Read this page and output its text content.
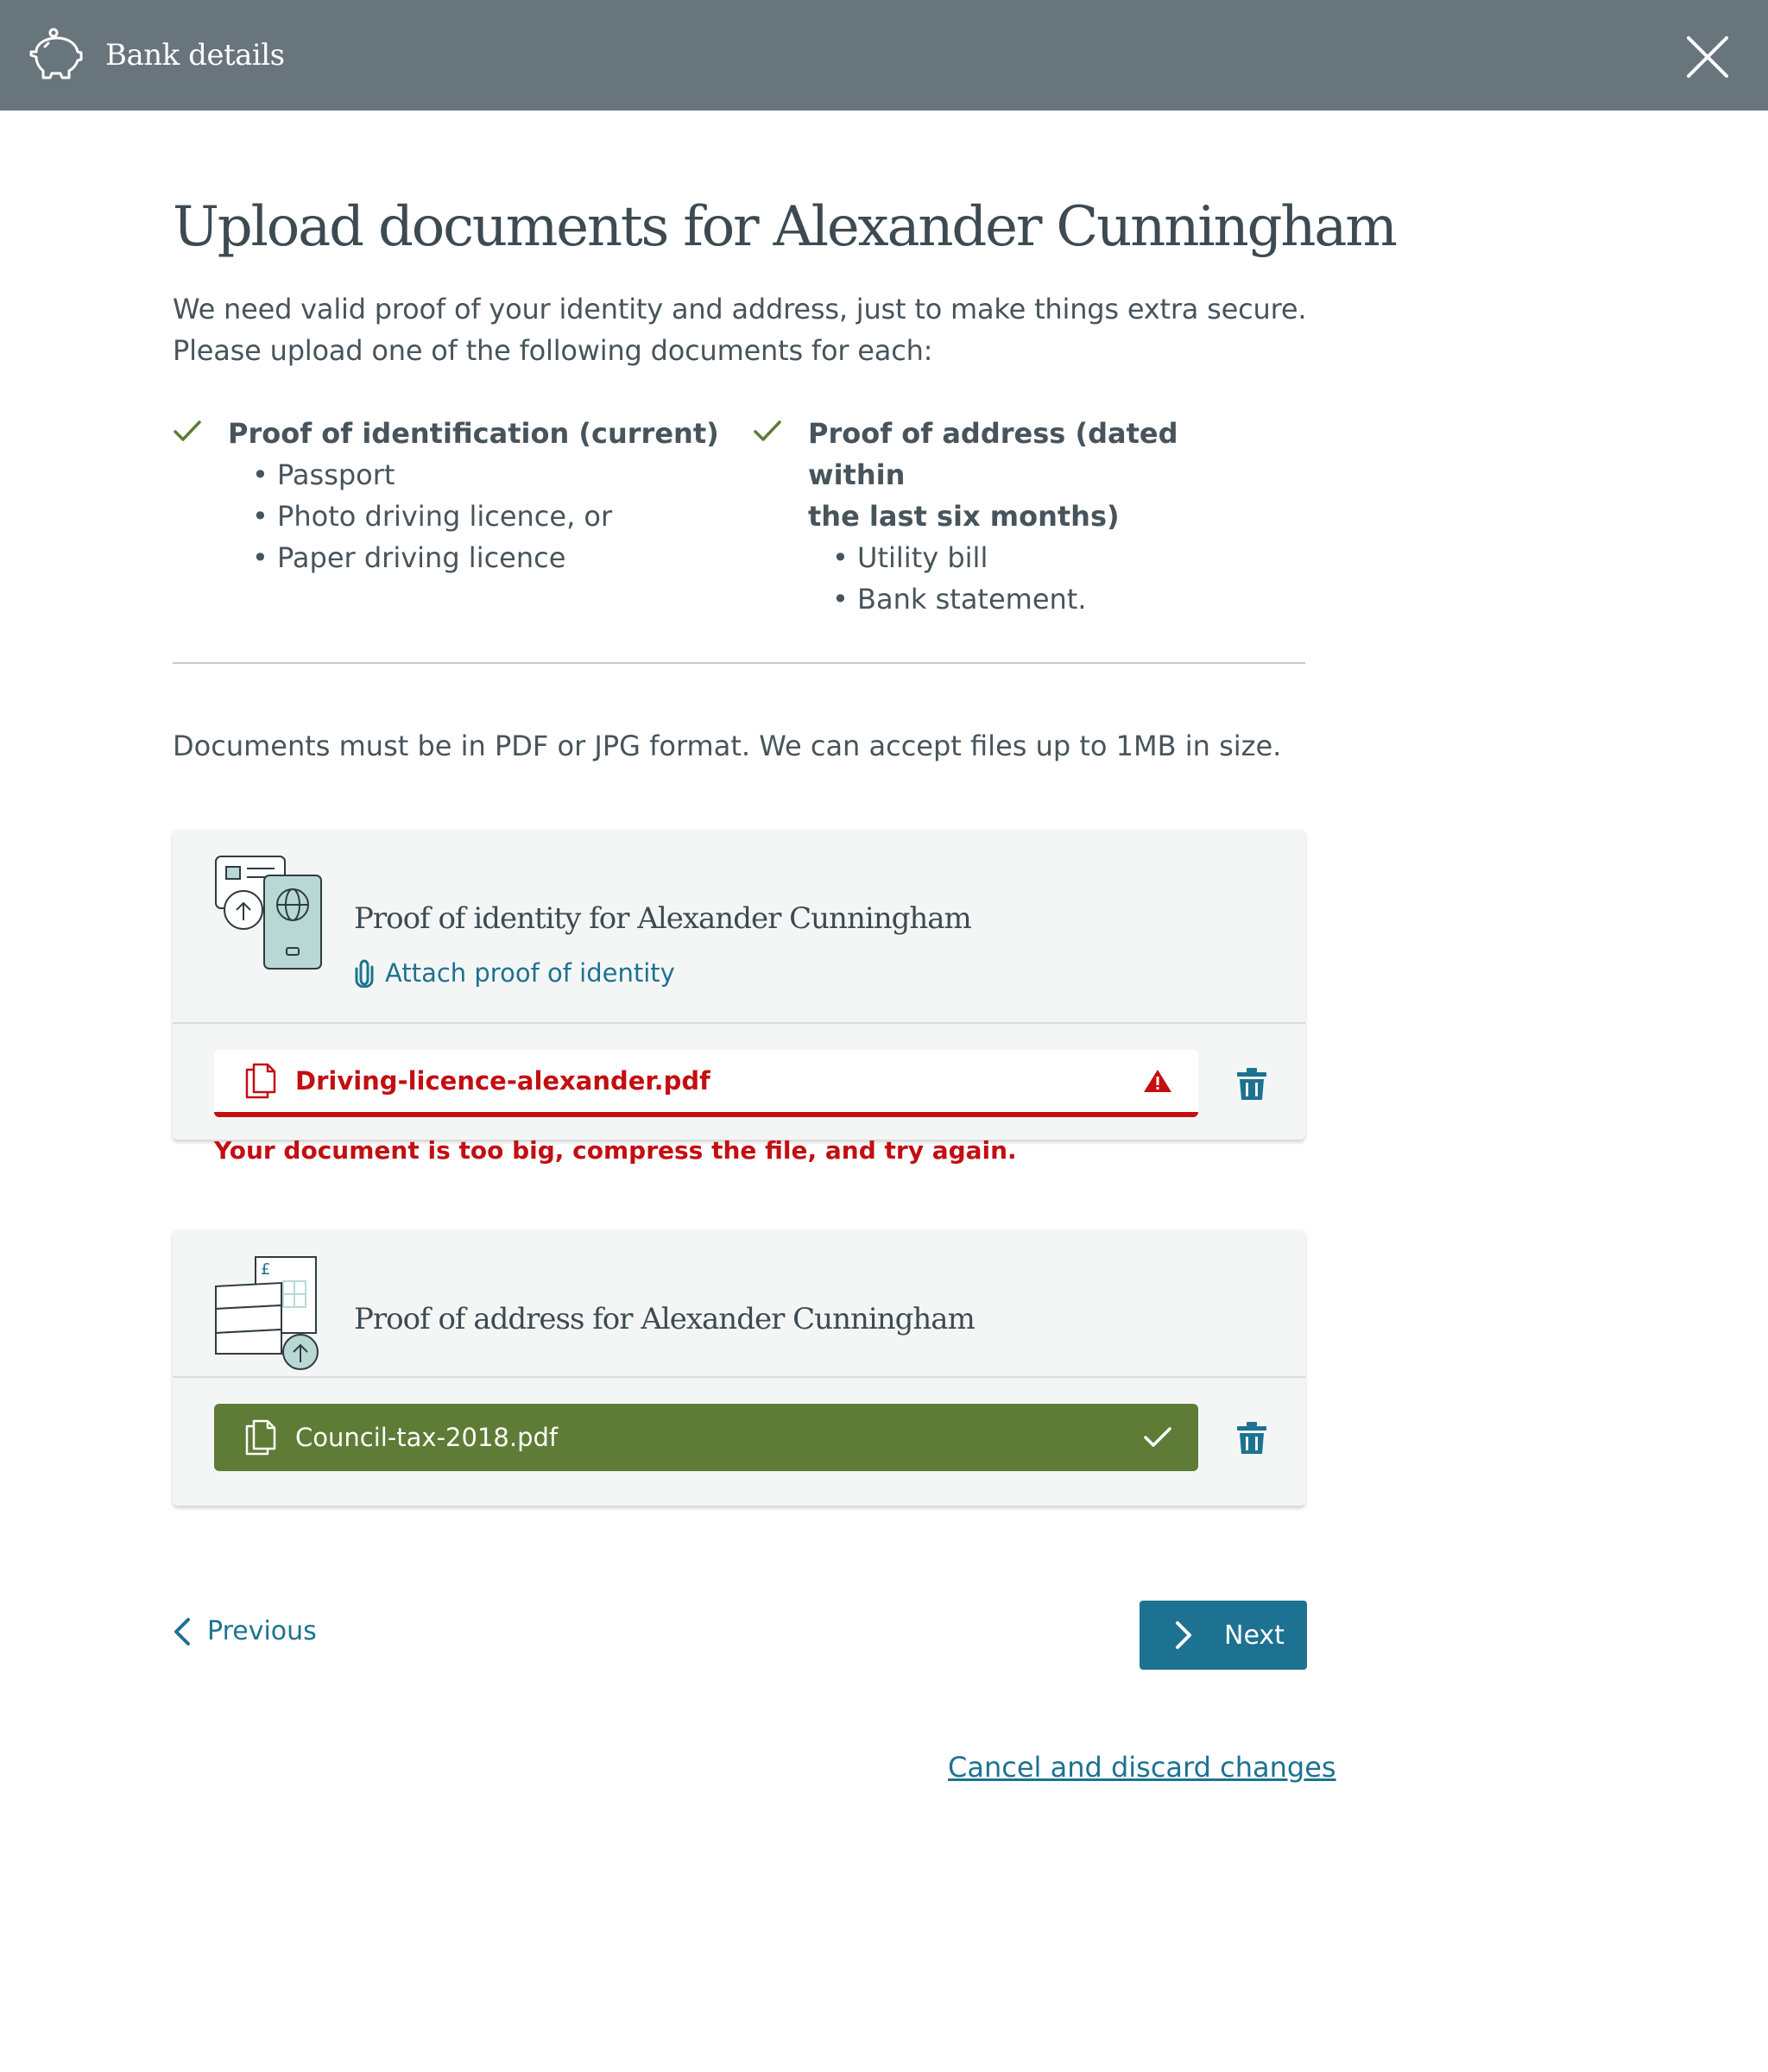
Bank details
Upload documents for Alexander Cunningham
We need valid proof of your identity and address, just to make things extra secure.
Please upload one of the following documents for each:
Proof of identification (current)
• Passport
• Photo driving licence, or
• Paper driving licence
Proof of address (dated within
the last six months)
• Utility bill
• Bank statement.
Documents must be in PDF or JPG format. We can accept files up to 1MB in size.
Proof of identity for Alexander Cunningham
Attach proof of identity
Driving-licence-alexander.pdf
Your document is too big, compress the file, and try again.
£
Proof of address for Alexander Cunningham
Council-tax-2018.pdf
Previous	Next
Cancel and discard changes
